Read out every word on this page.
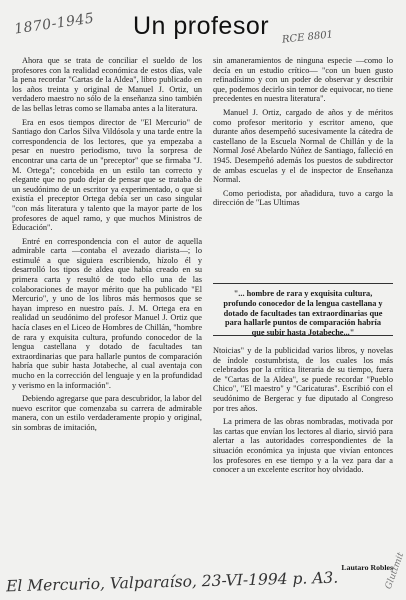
1870-1945	RCE 8801
Un profesor

Ahora que se trata de conciliar el sueldo de los profesores con la realidad económica de estos días, vale la pena recordar "Cartas de la Aldea", libro publicado en los años treinta y original de Manuel J. Ortiz, un verdadero maestro no sólo de la enseñanza sino también de las bellas letras como se llamaba antes a la literatura.

Era en esos tiempos director de "El Mercurio" de Santiago don Carlos Silva Vildósola y una tarde entre la correspondencia de los lectores, que ya empezaba a pesar en nuestro periodismo, tuvo la sorpresa de encontrar una carta de un "preceptor" que se firmaba "J. M. Ortega"; concebida en un estilo tan correcto y elegante que no pudo dejar de pensar que se trataba de un seudónimo de un escritor ya experimentado, o que si existía el preceptor Ortega debía ser un caso singular "con más literatura y talento que la mayor parte de los profesores de aquel ramo, y que muchos Ministros de Educación".

Entré en correspondencia con el autor de aquella admirable carta —contaba el avezado diarista—; lo estimulé a que siguiera escribiendo, hízolo él y desarrolló los tipos de aldea que había creado en su primera carta y resultó de todo ello una de las colaboraciones de mayor mérito que ha publicado "El Mercurio", y uno de los libros más hermosos que se hayan impreso en nuestro país. J. M. Ortega era en realidad un seudónimo del profesor Manuel J. Ortiz que hacía clases en el Liceo de Hombres de Chillán, "hombre de rara y exquisita cultura, profundo conocedor de la lengua castellana y dotado de facultades tan extraordinarias que para hallarle puntos de comparación habría que subir hasta Jotabeche, al cual aventaja con mucho en la corrección del lenguaje y en la profundidad y verismo en la información".

Debiendo agregarse que para descubridor, la labor del nuevo escritor que comenzaba su carrera de admirable manera, con un estilo verdaderamente propio y original, sin sombras de imitación,

sin amaneramientos de ninguna especie —como lo decía en un estudio crítico— "con un buen gusto refinadísimo y con un poder de observar y describir que, podemos decirlo sin temor de equivocar, no tiene precedentes en nuestra literatura".

Manuel J. Ortiz, cargado de años y de méritos como profesor meritorio y escritor ameno, que durante años desempeñó sucesivamente la cátedra de castellano de la Escuela Normal de Chillán y de la Normal José Abelardo Núñez de Santiago, falleció en 1945. Desempeñó además los puestos de subdirector de ambas escuelas y el de inspector de Enseñanza Normal.

Como periodista, por añadidura, tuvo a cargo la dirección de "Las Ultimas

"... hombre de rara y exquisita cultura, profundo conocedor de la lengua castellana y dotado de facultades tan extraordinarias que para hallarle puntos de comparación habría que subir hasta Jotabeche..."

Ntoicias" y de la publicidad varios libros, y novelas de índole costumbrista, de los cuales los más celebrados por la crítica literaria de su tiempo, fuera de "Cartas de la Aldea", se puede recordar "Pueblo Chico", "El maestro" y "Caricaturas". Escribió con el seudónimo de Bergerac y fue diputado al Congreso por tres años.

La primera de las obras nombradas, motivada por las cartas que envían los lectores al diario, sirvió para alertar a las autoridades correspondientes de la situación económica ya injusta que vivían entonces los profesores en ese tiempo y a la vez para dar a conocer a un excelente escritor hoy olvidado.

Lautaro Robles

El Mercurio, Valparaíso, 23-VI-1994 p. A3.	Gluttmit
